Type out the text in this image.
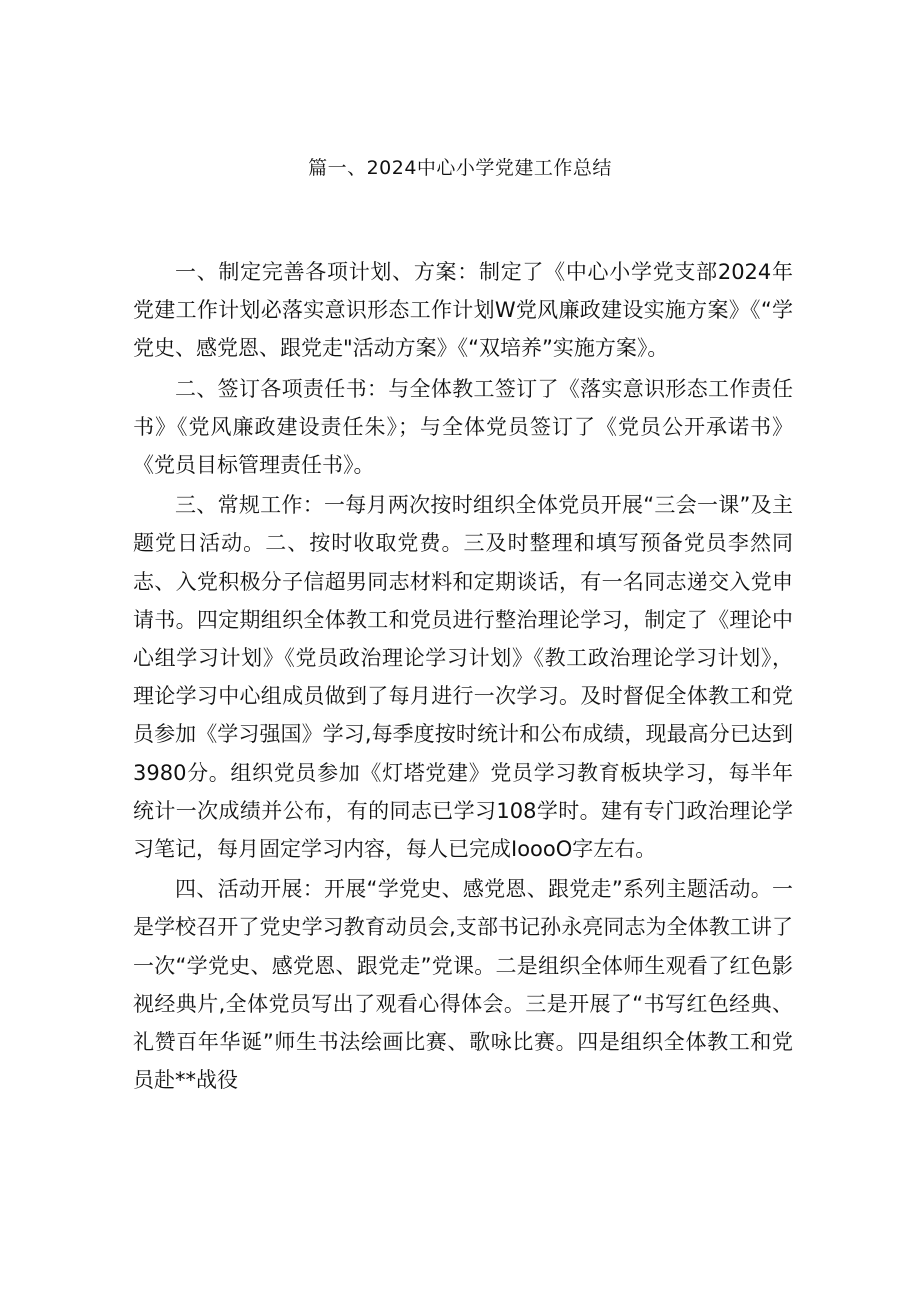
篇一、2024中心小学党建工作总结

一、制定完善各项计划、方案：制定了《中心小学党支部2024年党建工作计划必落实意识形态工作计划W党风廉政建设实施方案》《“学党史、感党恩、跟党走"活动方案》《“双培养”实施方案》。

二、签订各项责任书：与全体教工签订了《落实意识形态工作责任书》《党风廉政建设责任朱》；与全体党员签订了《党员公开承诺书》《党员目标管理责任书》。

三、常规工作：一每月两次按时组织全体党员开展“三会一课”及主题党日活动。二、按时收取党费。三及时整理和填写预备党员李然同志、入党积极分子信超男同志材料和定期谈话，有一名同志递交入党申请书。四定期组织全体教工和党员进行整治理论学习，制定了《理论中心组学习计划》《党员政治理论学习计划》《教工政治理论学习计划》，理论学习中心组成员做到了每月进行一次学习。及时督促全体教工和党员参加《学习强国》学习,每季度按时统计和公布成绩，现最高分已达到3980分。组织党员参加《灯塔党建》党员学习教育板块学习，每半年统计一次成绩并公布，有的同志已学习108学时。建有专门政治理论学习笔记，每月固定学习内容，每人已完成IoooO字左右。

四、活动开展：开展“学党史、感党恩、跟党走”系列主题活动。一是学校召开了党史学习教育动员会,支部书记孙永亮同志为全体教工讲了一次“学党史、感党恩、跟党走”党课。二是组织全体师生观看了红色影视经典片,全体党员写出了观看心得体会。三是开展了“书写红色经典、礼赞百年华诞”师生书法绘画比赛、歌咏比赛。四是组织全体教工和党员赴**战役
